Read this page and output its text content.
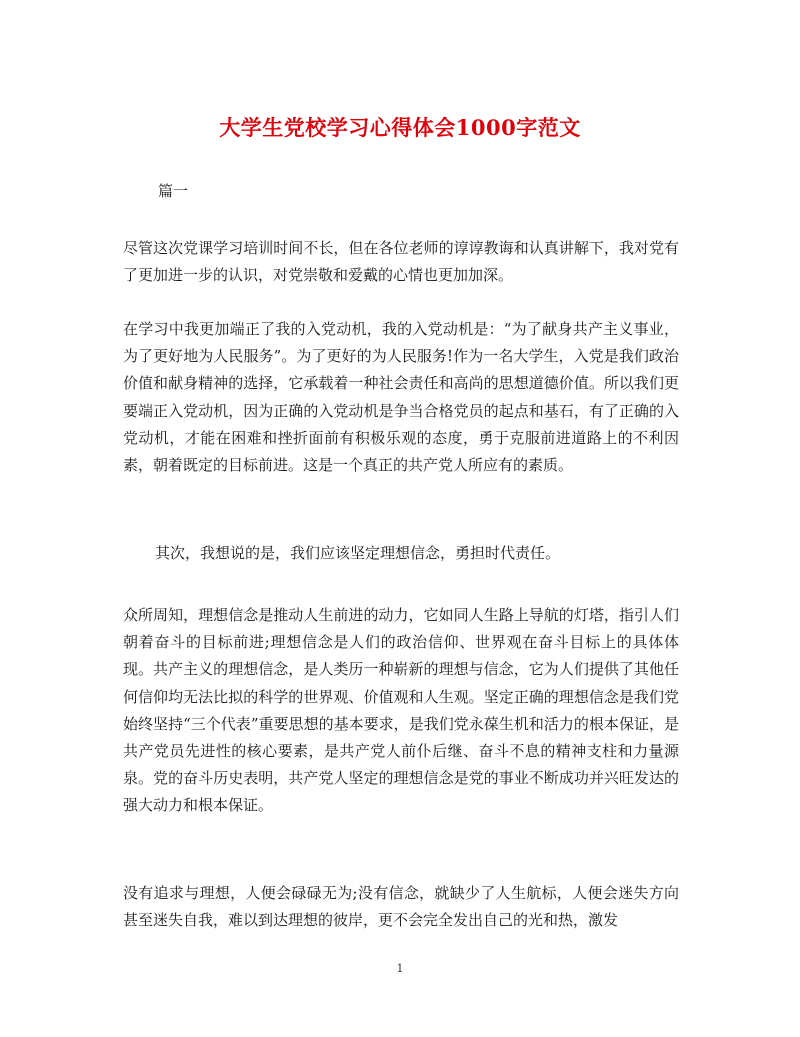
大学生党校学习心得体会1000字范文
篇一

尽管这次党课学习培训时间不长，但在各位老师的谆谆教诲和认真讲解下，我对党有了更加进一步的认识，对党崇敬和爱戴的心情也更加加深。

在学习中我更加端正了我的入党动机，我的入党动机是：“为了献身共产主义事业，为了更好地为人民服务”。为了更好的为人民服务!作为一名大学生，入党是我们政治价值和献身精神的选择，它承载着一种社会责任和高尚的思想道德价值。所以我们更要端正入党动机，因为正确的入党动机是争当合格党员的起点和基石，有了正确的入党动机，才能在困难和挫折面前有积极乐观的态度，勇于克服前进道路上的不利因素，朝着既定的目标前进。这是一个真正的共产党人所应有的素质。

其次，我想说的是，我们应该坚定理想信念，勇担时代责任。

众所周知，理想信念是推动人生前进的动力，它如同人生路上导航的灯塔，指引人们朝着奋斗的目标前进;理想信念是人们的政治信仰、世界观在奋斗目标上的具体体现。共产主义的理想信念，是人类历一种崭新的理想与信念，它为人们提供了其他任何信仰均无法比拟的科学的世界观、价值观和人生观。坚定正确的理想信念是我们党始终坚持“三个代表”重要思想的基本要求，是我们党永葆生机和活力的根本保证，是共产党员先进性的核心要素，是共产党人前仆后继、奋斗不息的精神支柱和力量源泉。党的奋斗历史表明，共产党人坚定的理想信念是党的事业不断成功并兴旺发达的强大动力和根本保证。

没有追求与理想，人便会碌碌无为;没有信念，就缺少了人生航标，人便会迷失方向甚至迷失自我，难以到达理想的彼岸，更不会完全发出自己的光和热，激发

1
